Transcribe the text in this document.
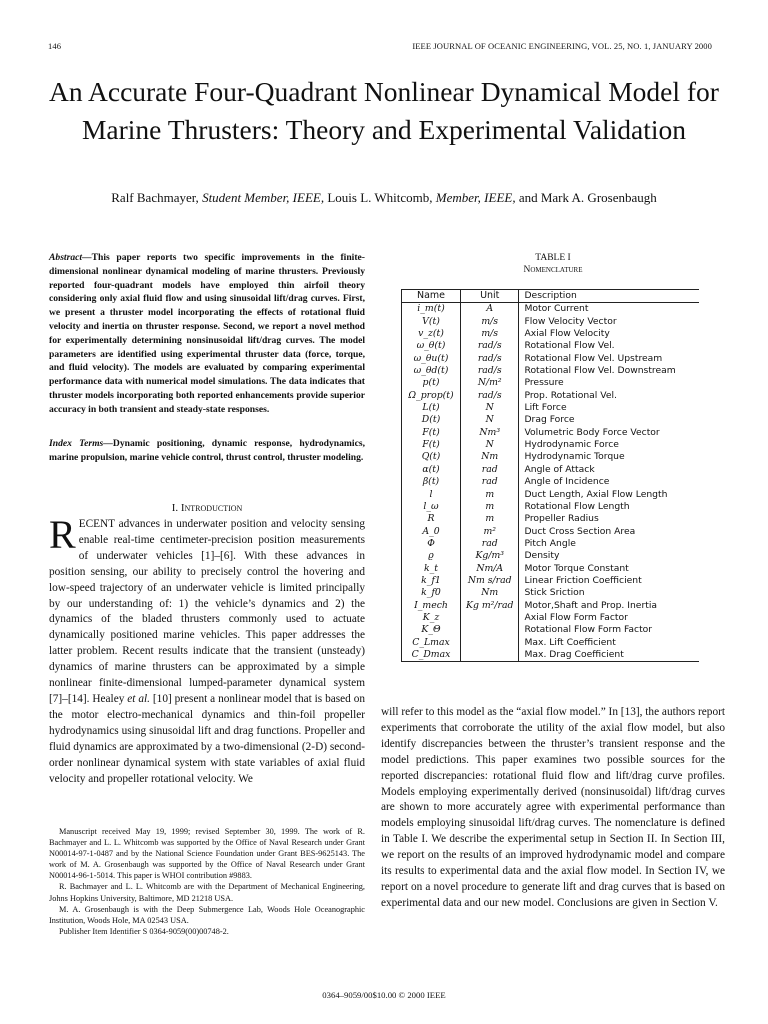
146	IEEE JOURNAL OF OCEANIC ENGINEERING, VOL. 25, NO. 1, JANUARY 2000
An Accurate Four-Quadrant Nonlinear Dynamical Model for Marine Thrusters: Theory and Experimental Validation
Ralf Bachmayer, Student Member, IEEE, Louis L. Whitcomb, Member, IEEE, and Mark A. Grosenbaugh
Abstract—This paper reports two specific improvements in the finite-dimensional nonlinear dynamical modeling of marine thrusters. Previously reported four-quadrant models have employed thin airfoil theory considering only axial fluid flow and using sinusoidal lift/drag curves. First, we present a thruster model incorporating the effects of rotational fluid velocity and inertia on thruster response. Second, we report a novel method for experimentally determining nonsinusoidal lift/drag curves. The model parameters are identified using experimental thruster data (force, torque, and fluid velocity). The models are evaluated by comparing experimental performance data with numerical model simulations. The data indicates that thruster models incorporating both reported enhancements provide superior accuracy in both transient and steady-state responses.
Index Terms—Dynamic positioning, dynamic response, hydrodynamics, marine propulsion, marine vehicle control, thrust control, thruster modeling.
I. Introduction
RECENT advances in underwater position and velocity sensing enable real-time centimeter-precision position measurements of underwater vehicles [1]–[6]. With these advances in position sensing, our ability to precisely control the hovering and low-speed trajectory of an underwater vehicle is limited principally by our understanding of: 1) the vehicle’s dynamics and 2) the dynamics of the bladed thrusters commonly used to actuate dynamically positioned marine vehicles. This paper addresses the latter problem. Recent results indicate that the transient (unsteady) dynamics of marine thrusters can be approximated by a simple nonlinear finite-dimensional lumped-parameter dynamical system [7]–[14]. Healey et al. [10] present a nonlinear model that is based on the motor electro-mechanical dynamics and thin-foil propeller hydrodynamics using sinusoidal lift and drag functions. Propeller and fluid dynamics are approximated by a two-dimensional (2-D) second-order nonlinear dynamical system with state variables of axial fluid velocity and propeller rotational velocity. We

Manuscript received May 19, 1999; revised September 30, 1999. The work of R. Bachmayer and L. L. Whitcomb was supported by the Office of Naval Research under Grant N00014-97-1-0487 and by the National Science Foundation under Grant BES-9625143. The work of M. A. Grosenbaugh was supported by the Office of Naval Research under Grant N00014-96-1-5014. This paper is WHOI contribution #9883.

R. Bachmayer and L. L. Whitcomb are with the Department of Mechanical Engineering, Johns Hopkins University, Baltimore, MD 21218 USA.

M. A. Grosenbaugh is with the Deep Submergence Lab, Woods Hole Oceanographic Institution, Woods Hole, MA 02543 USA.

Publisher Item Identifier S 0364-9059(00)00748-2.

TABLE I
Nomenclature
Name	Unit	Description
i_m(t)	A	Motor Current
V(t)	m/s	Flow Velocity Vector
v_z(t)	m/s	Axial Flow Velocity
ω_θ(t)	rad/s	Rotational Flow Vel.
ω_θu(t)	rad/s	Rotational Flow Vel. Upstream
ω_θd(t)	rad/s	Rotational Flow Vel. Downstream
p(t)	N/m²	Pressure
Ω_prop(t)	rad/s	Prop. Rotational Vel.
L(t)	N	Lift Force
D(t)	N	Drag Force
F(t)	Nm³	Volumetric Body Force Vector
F(t)	N	Hydrodynamic Force
Q(t)	Nm	Hydrodynamic Torque
α(t)	rad	Angle of Attack
β(t)	rad	Angle of Incidence
l	m	Duct Length, Axial Flow Length
l_ω	m	Rotational Flow Length
R	m	Propeller Radius
A_0	m²	Duct Cross Section Area
Φ	rad	Pitch Angle
ϱ	Kg/m³	Density
k_t	Nm/A	Motor Torque Constant
k_f1	Nm s/rad	Linear Friction Coefficient
k_f0	Nm	Stick Sriction
I_mech	Kg m²/rad	Motor,Shaft and Prop. Inertia
K_z		Axial Flow Form Factor
K_Θ		Rotational Flow Form Factor
C_Lmax		Max. Lift Coefficient
C_Dmax		Max. Drag Coefficient
will refer to this model as the “axial flow model.” In [13], the authors report experiments that corroborate the utility of the axial flow model, but also identify discrepancies between the thruster’s transient response and the model predictions. This paper examines two possible sources for the reported discrepancies: rotational fluid flow and lift/drag curve profiles. Models employing experimentally derived (nonsinusoidal) lift/drag curves are shown to more accurately agree with experimental performance than models employing sinusoidal lift/drag curves. The nomenclature is defined in Table I. We describe the experimental setup in Section II. In Section III, we report on the results of an improved hydrodynamic model and compare its results to experimental data and the axial flow model. In Section IV, we report on a novel procedure to generate lift and drag curves that is based on experimental data and our new model. Conclusions are given in Section V.
0364–9059/00$10.00 © 2000 IEEE
